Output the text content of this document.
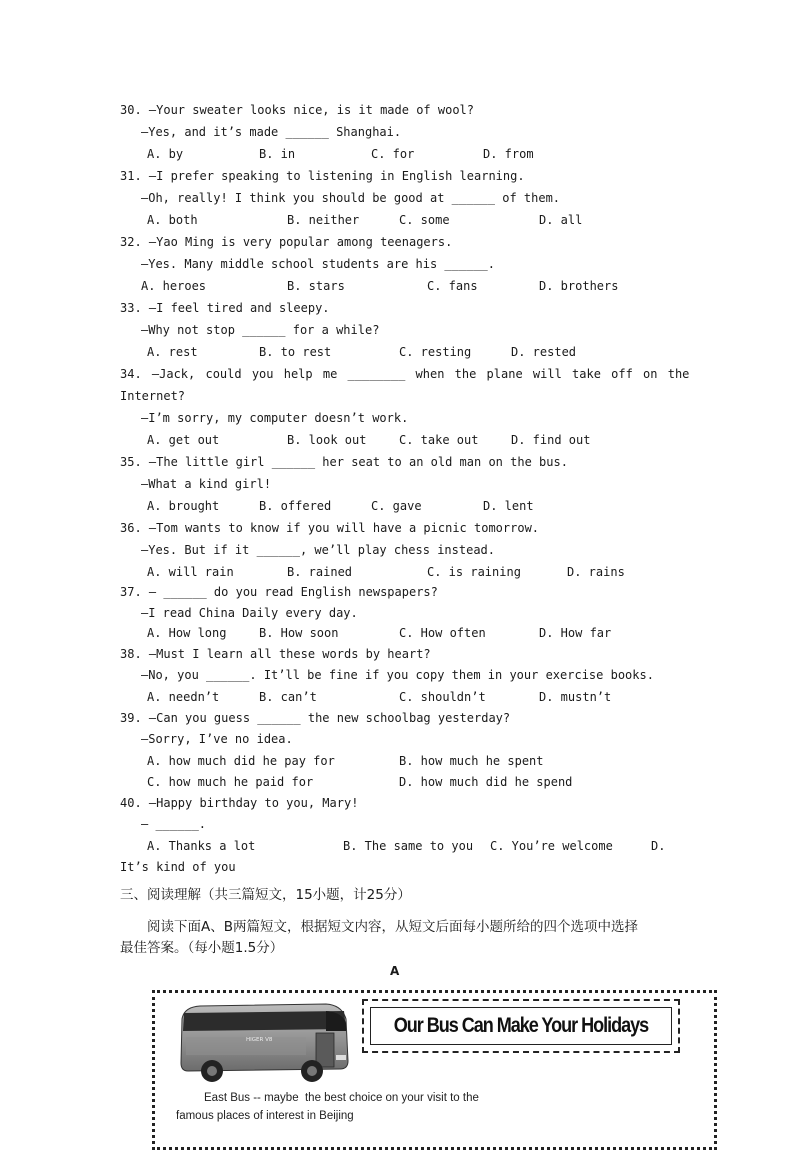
30. —Your sweater looks nice, is it made of wool?
—Yes, and it’s made ______ Shanghai.
A. by	B. in	C. for	D. from
31. —I prefer speaking to listening in English learning.
—Oh, really! I think you should be good at ______ of them.
A. both	B. neither	C. some	D. all
32. —Yao Ming is very popular among teenagers.
—Yes. Many middle school students are his ______.
A. heroes	B. stars	C. fans	D. brothers
33. —I feel tired and sleepy.
—Why not stop ______ for a while?
A. rest	B. to rest	C. resting	D. rested
34. —Jack, could you help me ________ when the plane will take off on the
Internet?
—I’m sorry, my computer doesn’t work.
A. get out	B. look out	C. take out	D. find out
35. —The little girl ______ her seat to an old man on the bus.
—What a kind girl!
A. brought	B. offered	C. gave	D. lent
36. —Tom wants to know if you will have a picnic tomorrow.
—Yes. But if it ______, we’ll play chess instead.
A. will rain	B. rained	C. is raining	D. rains
37. — ______ do you read English newspapers?
—I read China Daily every day.
A. How long	B. How soon	C. How often	D. How far
38. —Must I learn all these words by heart?
—No, you ______. It’ll be fine if you copy them in your exercise books.
A. needn’t	B. can’t	C. shouldn’t	D. mustn’t
39. —Can you guess ______ the new schoolbag yesterday?
—Sorry, I’ve no idea.
A. how much did he pay for	B. how much he spent
C. how much he paid for	D. how much did he spend
40. —Happy birthday to you, Mary!
— ______.
A. Thanks a lot	B. The same to you C. You’re welcome	D.
It’s kind of you
三、阅读理解（共三篇短文，15小题，计25分）
阅读下面A、B两篇短文，根据短文内容，从短文后面每小题所给的四个选项中选择
最佳答案。（每小题1.5分）
A
HIGER V8
Our Bus Can Make Your Holidays
East Bus -- maybe  the best choice on your visit to the
famous places of interest in Beijing
